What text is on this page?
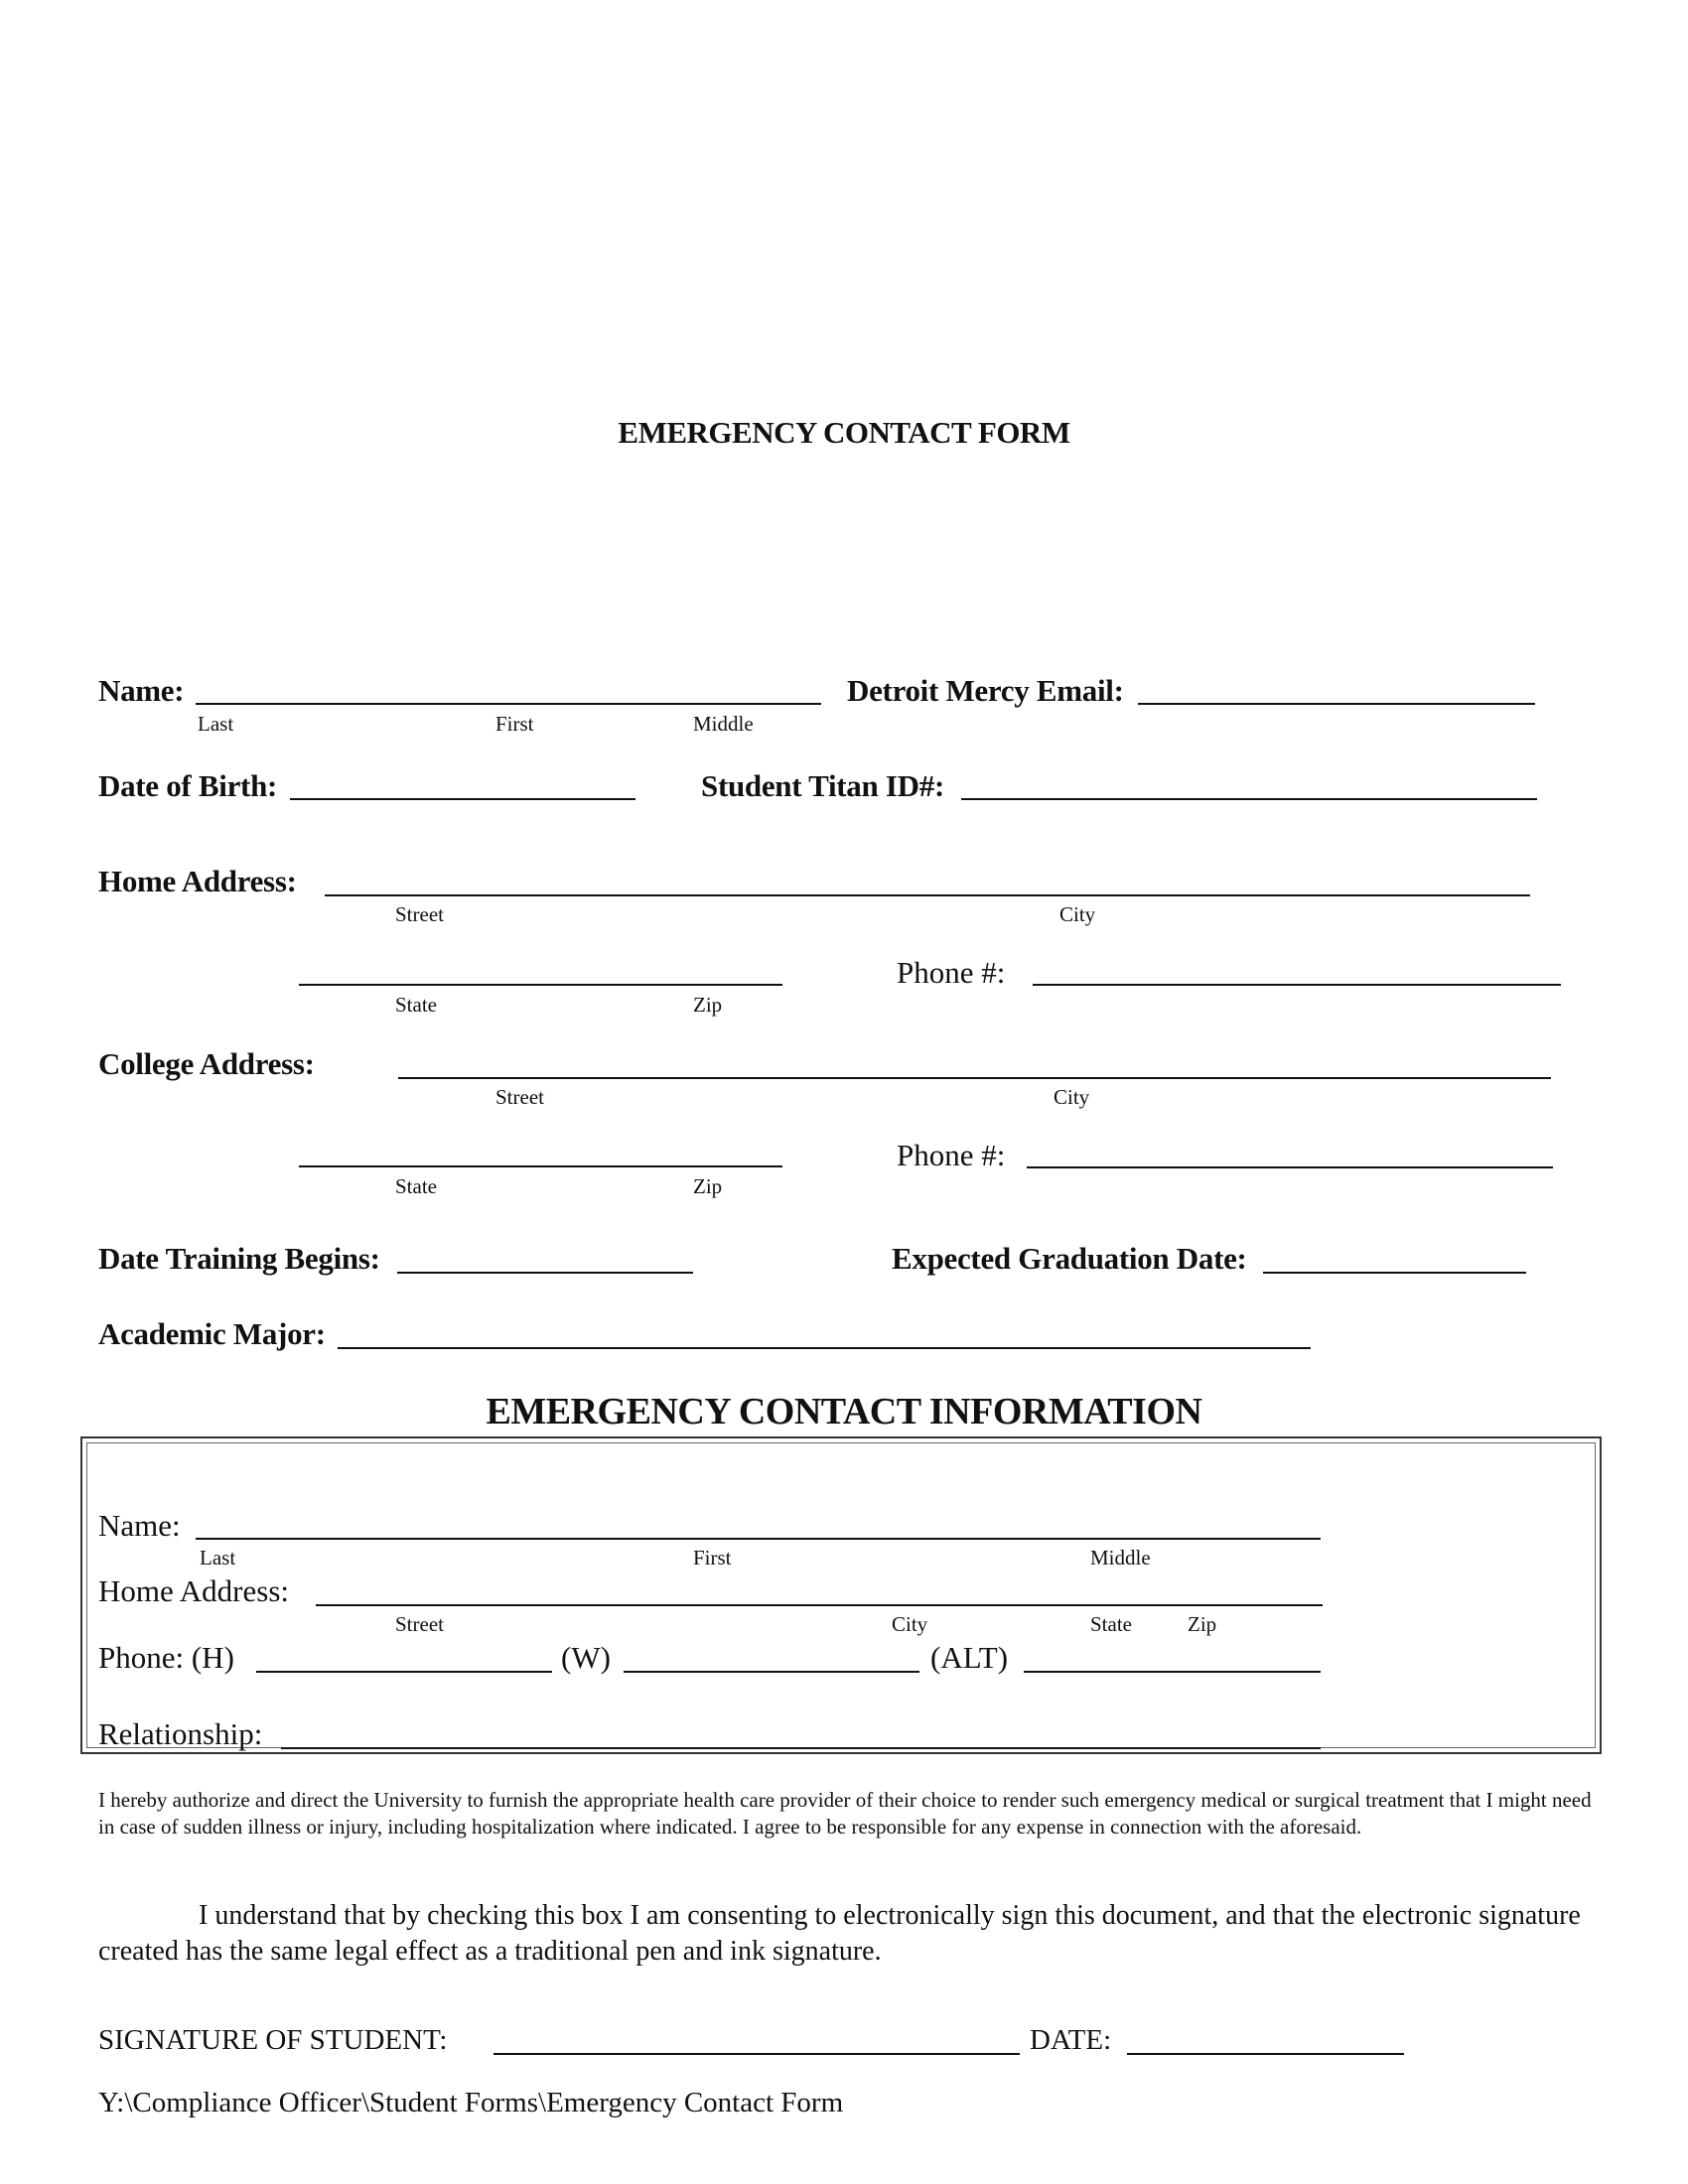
EMERGENCY CONTACT FORM
Name:
Last	First	Middle
Detroit Mercy Email:
Date of Birth:	Student Titan ID#:
Home Address:
Street	City
Phone #:
State	Zip
College Address:
Street	City
Phone #:
State	Zip
Date Training Begins:	Expected Graduation Date:
Academic Major:
EMERGENCY CONTACT INFORMATION
Name:
Last	First	Middle
Home Address:
Street	City	State	Zip
Phone: (H)	(W)	(ALT)
Relationship:
I hereby authorize and direct the University to furnish the appropriate health care provider of their choice to render such emergency medical or surgical treatment that I might need in case of sudden illness or injury, including hospitalization where indicated. I agree to be responsible for any expense in connection with the aforesaid.
I understand that by checking this box I am consenting to electronically sign this document, and that the electronic signature created has the same legal effect as a traditional pen and ink signature.
SIGNATURE OF STUDENT:	DATE:
Y:\Compliance Officer\Student Forms\Emergency Contact Form
